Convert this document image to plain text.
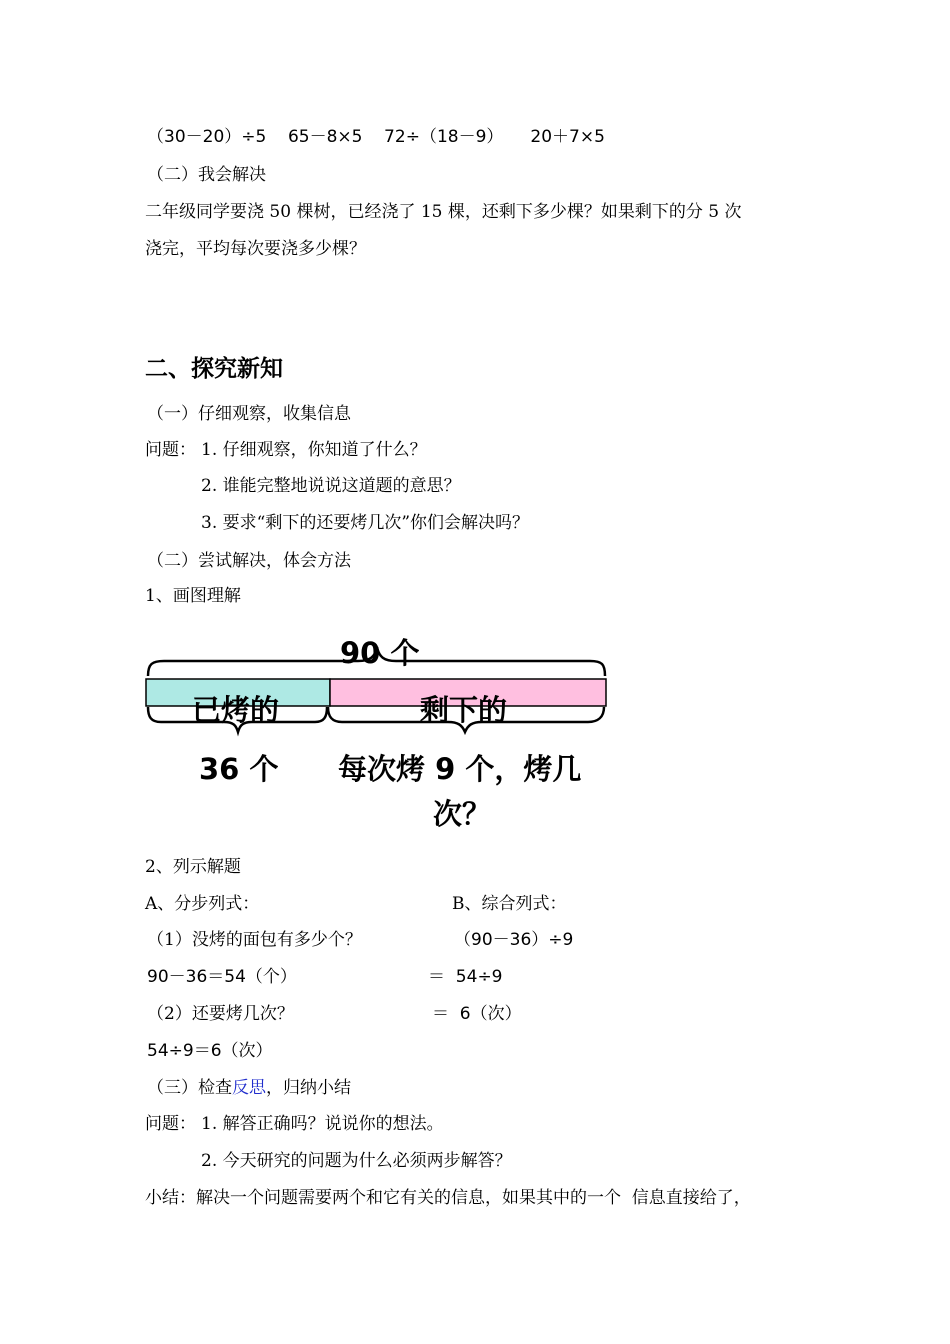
（30－20）÷5    65－8×5    72÷（18－9）     20＋7×5
（二）我会解决
二年级同学要浇 50 棵树，已经浇了 15 棵，还剩下多少棵？如果剩下的分 5 次
浇完，平均每次要浇多少棵？
二、探究新知
（一）仔细观察，收集信息
问题： 1. 仔细观察，你知道了什么？
2. 谁能完整地说说这道题的意思？
3. 要求“剩下的还要烤几次”你们会解决吗？
（二）尝试解决，体会方法
1、画图理解
90 个
已烤的	剩下的
36 个 每次烤 9 个，烤几
次？
2、列示解题
A、分步列式：	B、综合列式：
（1）没烤的面包有多少个？	（90－36）÷9
90－36＝54（个）	＝  54÷9
（2）还要烤几次？	＝  6（次）
54÷9＝6（次）
（三）检查反思，归纳小结
问题： 1. 解答正确吗？说说你的想法。
2. 今天研究的问题为什么必须两步解答？
小结：解决一个问题需要两个和它有关的信息，如果其中的一个  信息直接给了，
